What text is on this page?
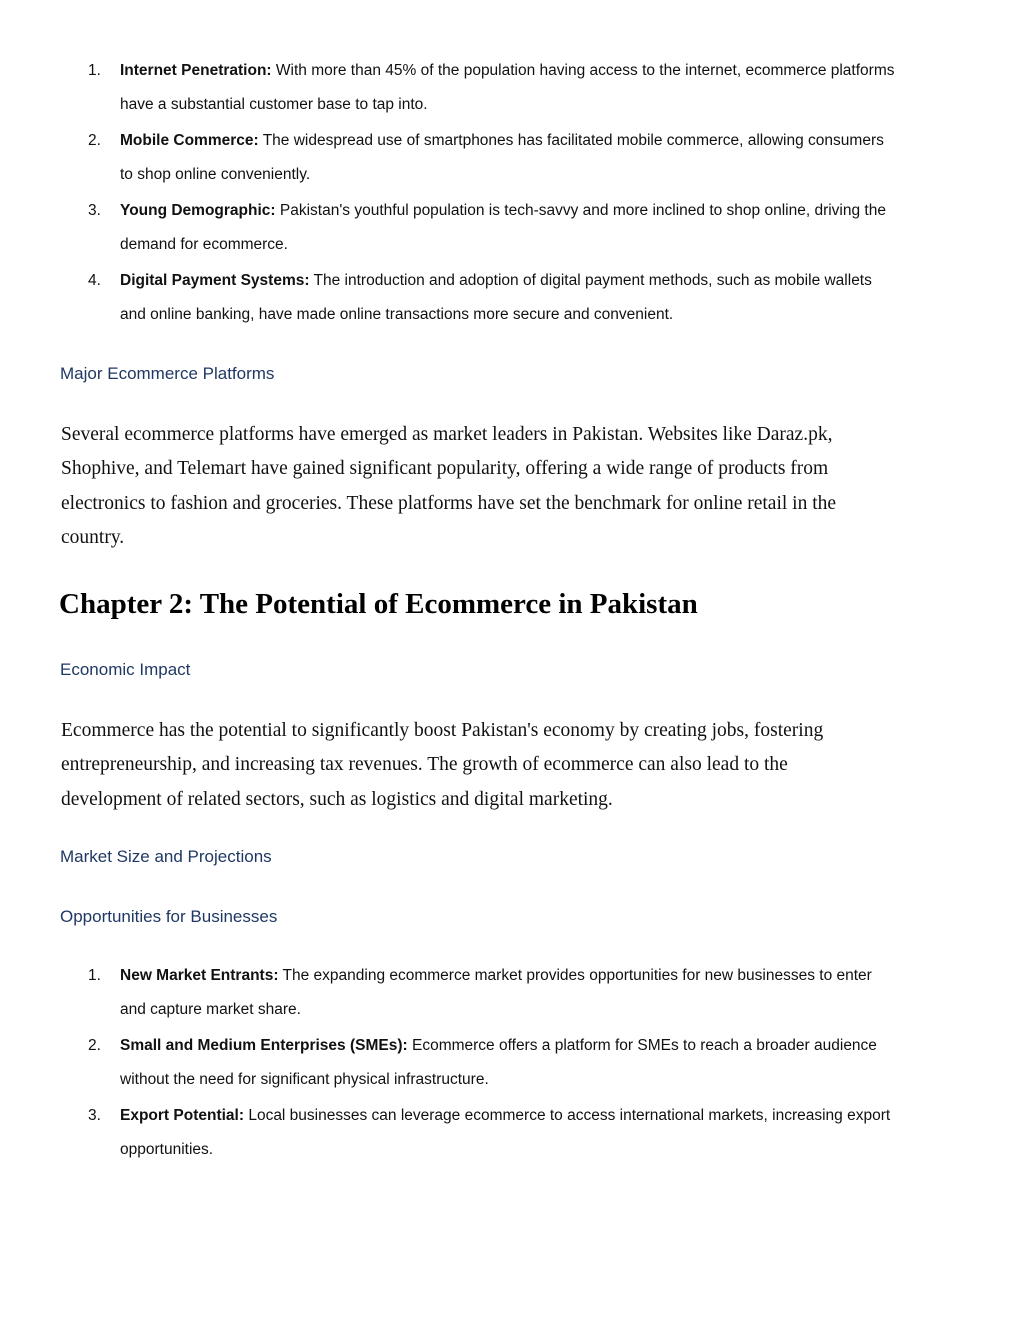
1. Internet Penetration: With more than 45% of the population having access to the internet, ecommerce platforms have a substantial customer base to tap into.
2. Mobile Commerce: The widespread use of smartphones has facilitated mobile commerce, allowing consumers to shop online conveniently.
3. Young Demographic: Pakistan's youthful population is tech-savvy and more inclined to shop online, driving the demand for ecommerce.
4. Digital Payment Systems: The introduction and adoption of digital payment methods, such as mobile wallets and online banking, have made online transactions more secure and convenient.
Major Ecommerce Platforms

Several ecommerce platforms have emerged as market leaders in Pakistan. Websites like Daraz.pk, Shophive, and Telemart have gained significant popularity, offering a wide range of products from electronics to fashion and groceries. These platforms have set the benchmark for online retail in the country.

Chapter 2: The Potential of Ecommerce in Pakistan
Economic Impact

Ecommerce has the potential to significantly boost Pakistan's economy by creating jobs, fostering entrepreneurship, and increasing tax revenues. The growth of ecommerce can also lead to the development of related sectors, such as logistics and digital marketing.

Market Size and Projections
Opportunities for Businesses
1. New Market Entrants: The expanding ecommerce market provides opportunities for new businesses to enter and capture market share.
2. Small and Medium Enterprises (SMEs): Ecommerce offers a platform for SMEs to reach a broader audience without the need for significant physical infrastructure.
3. Export Potential: Local businesses can leverage ecommerce to access international markets, increasing export opportunities.
